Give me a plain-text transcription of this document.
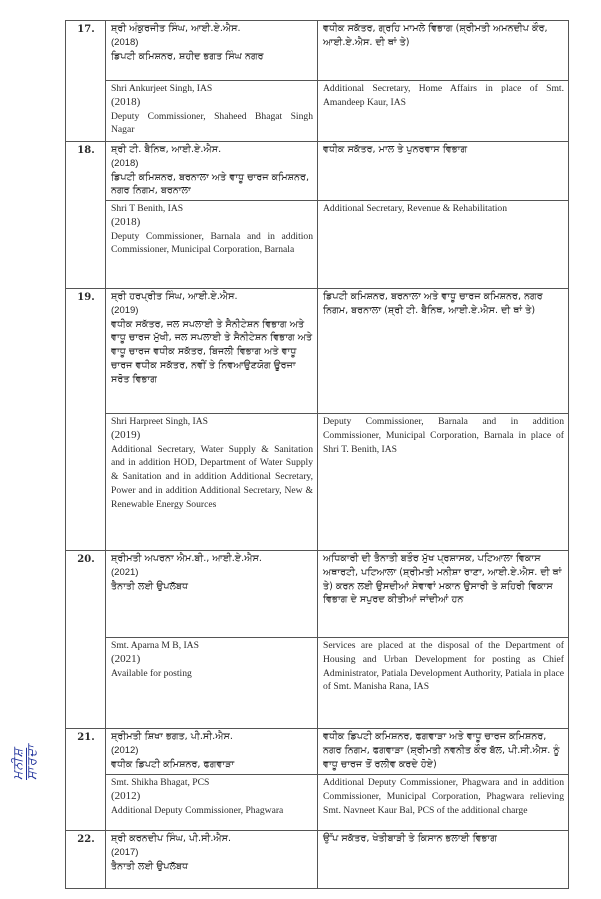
17.	ਸ਼੍ਰੀ ਅੰਕੁਰਜੀਤ ਸਿੰਘ, ਆਈ.ਏ.ਐਸ.
(2018)
ਡਿਪਟੀ ਕਮਿਸ਼ਨਰ, ਸ਼ਹੀਦ ਭਗਤ ਸਿੰਘ ਨਗਰ	ਵਧੀਕ ਸਕੱਤਰ, ਗ੍ਰਹਿ ਮਾਮਲੇ ਵਿਭਾਗ (ਸ਼੍ਰੀਮਤੀ ਅਮਨਦੀਪ ਕੌਰ, ਆਈ.ਏ.ਐਸ. ਦੀ ਥਾਂ ਤੇ)

	Shri Ankurjeet Singh, IAS
(2018)
Deputy Commissioner, Shaheed Bhagat Singh Nagar	Additional Secretary, Home Affairs in place of Smt. Amandeep Kaur, IAS
18.	ਸ਼੍ਰੀ ਟੀ. ਬੈਨਿਥ, ਆਈ.ਏ.ਐਸ.
(2018)
ਡਿਪਟੀ ਕਮਿਸ਼ਨਰ, ਬਰਨਾਲਾ ਅਤੇ ਵਾਧੂ ਚਾਰਜ ਕਮਿਸ਼ਨਰ, ਨਗਰ ਨਿਗਮ, ਬਰਨਾਲਾ	ਵਧੀਕ ਸਕੱਤਰ, ਮਾਲ ਤੇ ਪੁਨਰਵਾਸ ਵਿਭਾਗ

	Shri T Benith, IAS
(2018)
Deputy Commissioner, Barnala and in addition Commissioner, Municipal Corporation, Barnala	Additional Secretary, Revenue & Rehabilitation
19.	ਸ਼੍ਰੀ ਹਰਪ੍ਰੀਤ ਸਿੰਘ, ਆਈ.ਏ.ਐਸ.
(2019)
ਵਧੀਕ ਸਕੱਤਰ, ਜਲ ਸਪਲਾਈ ਤੇ ਸੈਨੀਟੇਸ਼ਨ ਵਿਭਾਗ ਅਤੇ ਵਾਧੂ ਚਾਰਜ ਮੁੱਖੀ, ਜਲ ਸਪਲਾਈ ਤੇ ਸੈਨੀਟੇਸ਼ਨ ਵਿਭਾਗ ਅਤੇ ਵਾਧੂ ਚਾਰਜ ਵਧੀਕ ਸਕੱਤਰ, ਬਿਜਲੀ ਵਿਭਾਗ ਅਤੇ ਵਾਧੂ ਚਾਰਜ ਵਧੀਕ ਸਕੱਤਰ, ਨਵੀਂ ਤੇ ਨਿਵਆਉਣਯੋਗ ਊਰਜਾ ਸਰੋਤ ਵਿਭਾਗ	ਡਿਪਟੀ ਕਮਿਸ਼ਨਰ, ਬਰਨਾਲਾ ਅਤੇ ਵਾਧੂ ਚਾਰਜ ਕਮਿਸ਼ਨਰ, ਨਗਰ ਨਿਗਮ, ਬਰਨਾਲਾ (ਸ਼੍ਰੀ ਟੀ. ਬੈਨਿਥ, ਆਈ.ਏ.ਐਸ. ਦੀ ਥਾਂ ਤੇ)

	Shri Harpreet Singh, IAS
(2019)
Additional Secretary, Water Supply & Sanitation and in addition HOD, Department of Water Supply & Sanitation and in addition Additional Secretary, Power and in addition Additional Secretary, New & Renewable Energy Sources	Deputy Commissioner, Barnala and in addition Commissioner, Municipal Corporation, Barnala in place of Shri T. Benith, IAS
20.	ਸ਼੍ਰੀਮਤੀ ਅਪਰਨਾ ਐਮ.ਬੀ., ਆਈ.ਏ.ਐਸ.
(2021)
ਤੈਨਾਤੀ ਲਈ ਉਪਲੱਬਧ	ਅਧਿਕਾਰੀ ਦੀ ਤੈਨਾਤੀ ਬਤੌਰ ਮੁੱਖ ਪ੍ਰਸ਼ਾਸਕ, ਪਟਿਆਲਾ ਵਿਕਾਸ ਅਥਾਰਟੀ, ਪਟਿਆਲਾ (ਸ਼੍ਰੀਮਤੀ ਮਨੀਸ਼ਾ ਰਾਣਾ, ਆਈ.ਏ.ਐਸ. ਦੀ ਥਾਂ ਤੇ) ਕਰਨ ਲਈ ਉਸਦੀਆਂ ਸੇਵਾਵਾਂ ਮਕਾਨ ਉਸਾਰੀ ਤੇ ਸ਼ਹਿਰੀ ਵਿਕਾਸ ਵਿਭਾਗ ਦੇ ਸਪੁਰਦ ਕੀਤੀਆਂ ਜਾਂਦੀਆਂ ਹਨ

	Smt. Aparna M B, IAS
(2021)
Available for posting	Services are placed at the disposal of the Department of Housing and Urban Development for posting as Chief Administrator, Patiala Development Authority, Patiala in place of Smt. Manisha Rana, IAS
21.	ਸ਼੍ਰੀਮਤੀ ਸ਼ਿਖਾ ਭਗਤ, ਪੀ.ਸੀ.ਐਸ.
(2012)
ਵਧੀਕ ਡਿਪਟੀ ਕਮਿਸ਼ਨਰ, ਫਗਵਾੜਾ	ਵਧੀਕ ਡਿਪਟੀ ਕਮਿਸ਼ਨਰ, ਫਗਵਾੜਾ ਅਤੇ ਵਾਧੂ ਚਾਰਜ ਕਮਿਸ਼ਨਰ, ਨਗਰ ਨਿਗਮ, ਫਗਵਾੜਾ (ਸ਼੍ਰੀਮਤੀ ਨਵਨੀਤ ਕੌਰ ਬੱਲ, ਪੀ.ਸੀ.ਐਸ. ਨੂੰ ਵਾਧੂ ਚਾਰਜ ਤੋਂ ਰਲੀਵ ਕਰਦੇ ਹੋਏ)

	Smt. Shikha Bhagat, PCS
(2012)
Additional Deputy Commissioner, Phagwara	Additional Deputy Commissioner, Phagwara and in addition Commissioner, Municipal Corporation, Phagwara relieving Smt. Navneet Kaur Bal, PCS of the additional charge
22.	ਸ਼੍ਰੀ ਕਰਨਦੀਪ ਸਿੰਘ, ਪੀ.ਸੀ.ਐਸ.
(2017)
ਤੈਨਾਤੀ ਲਈ ਉਪਲੱਬਧ	ਉੱਪ ਸਕੱਤਰ, ਖੇਤੀਬਾੜੀ ਤੇ ਕਿਸਾਨ ਭਲਾਈ ਵਿਭਾਗ
ਮਨੀਸ਼ ਸਾਰਦਾ
